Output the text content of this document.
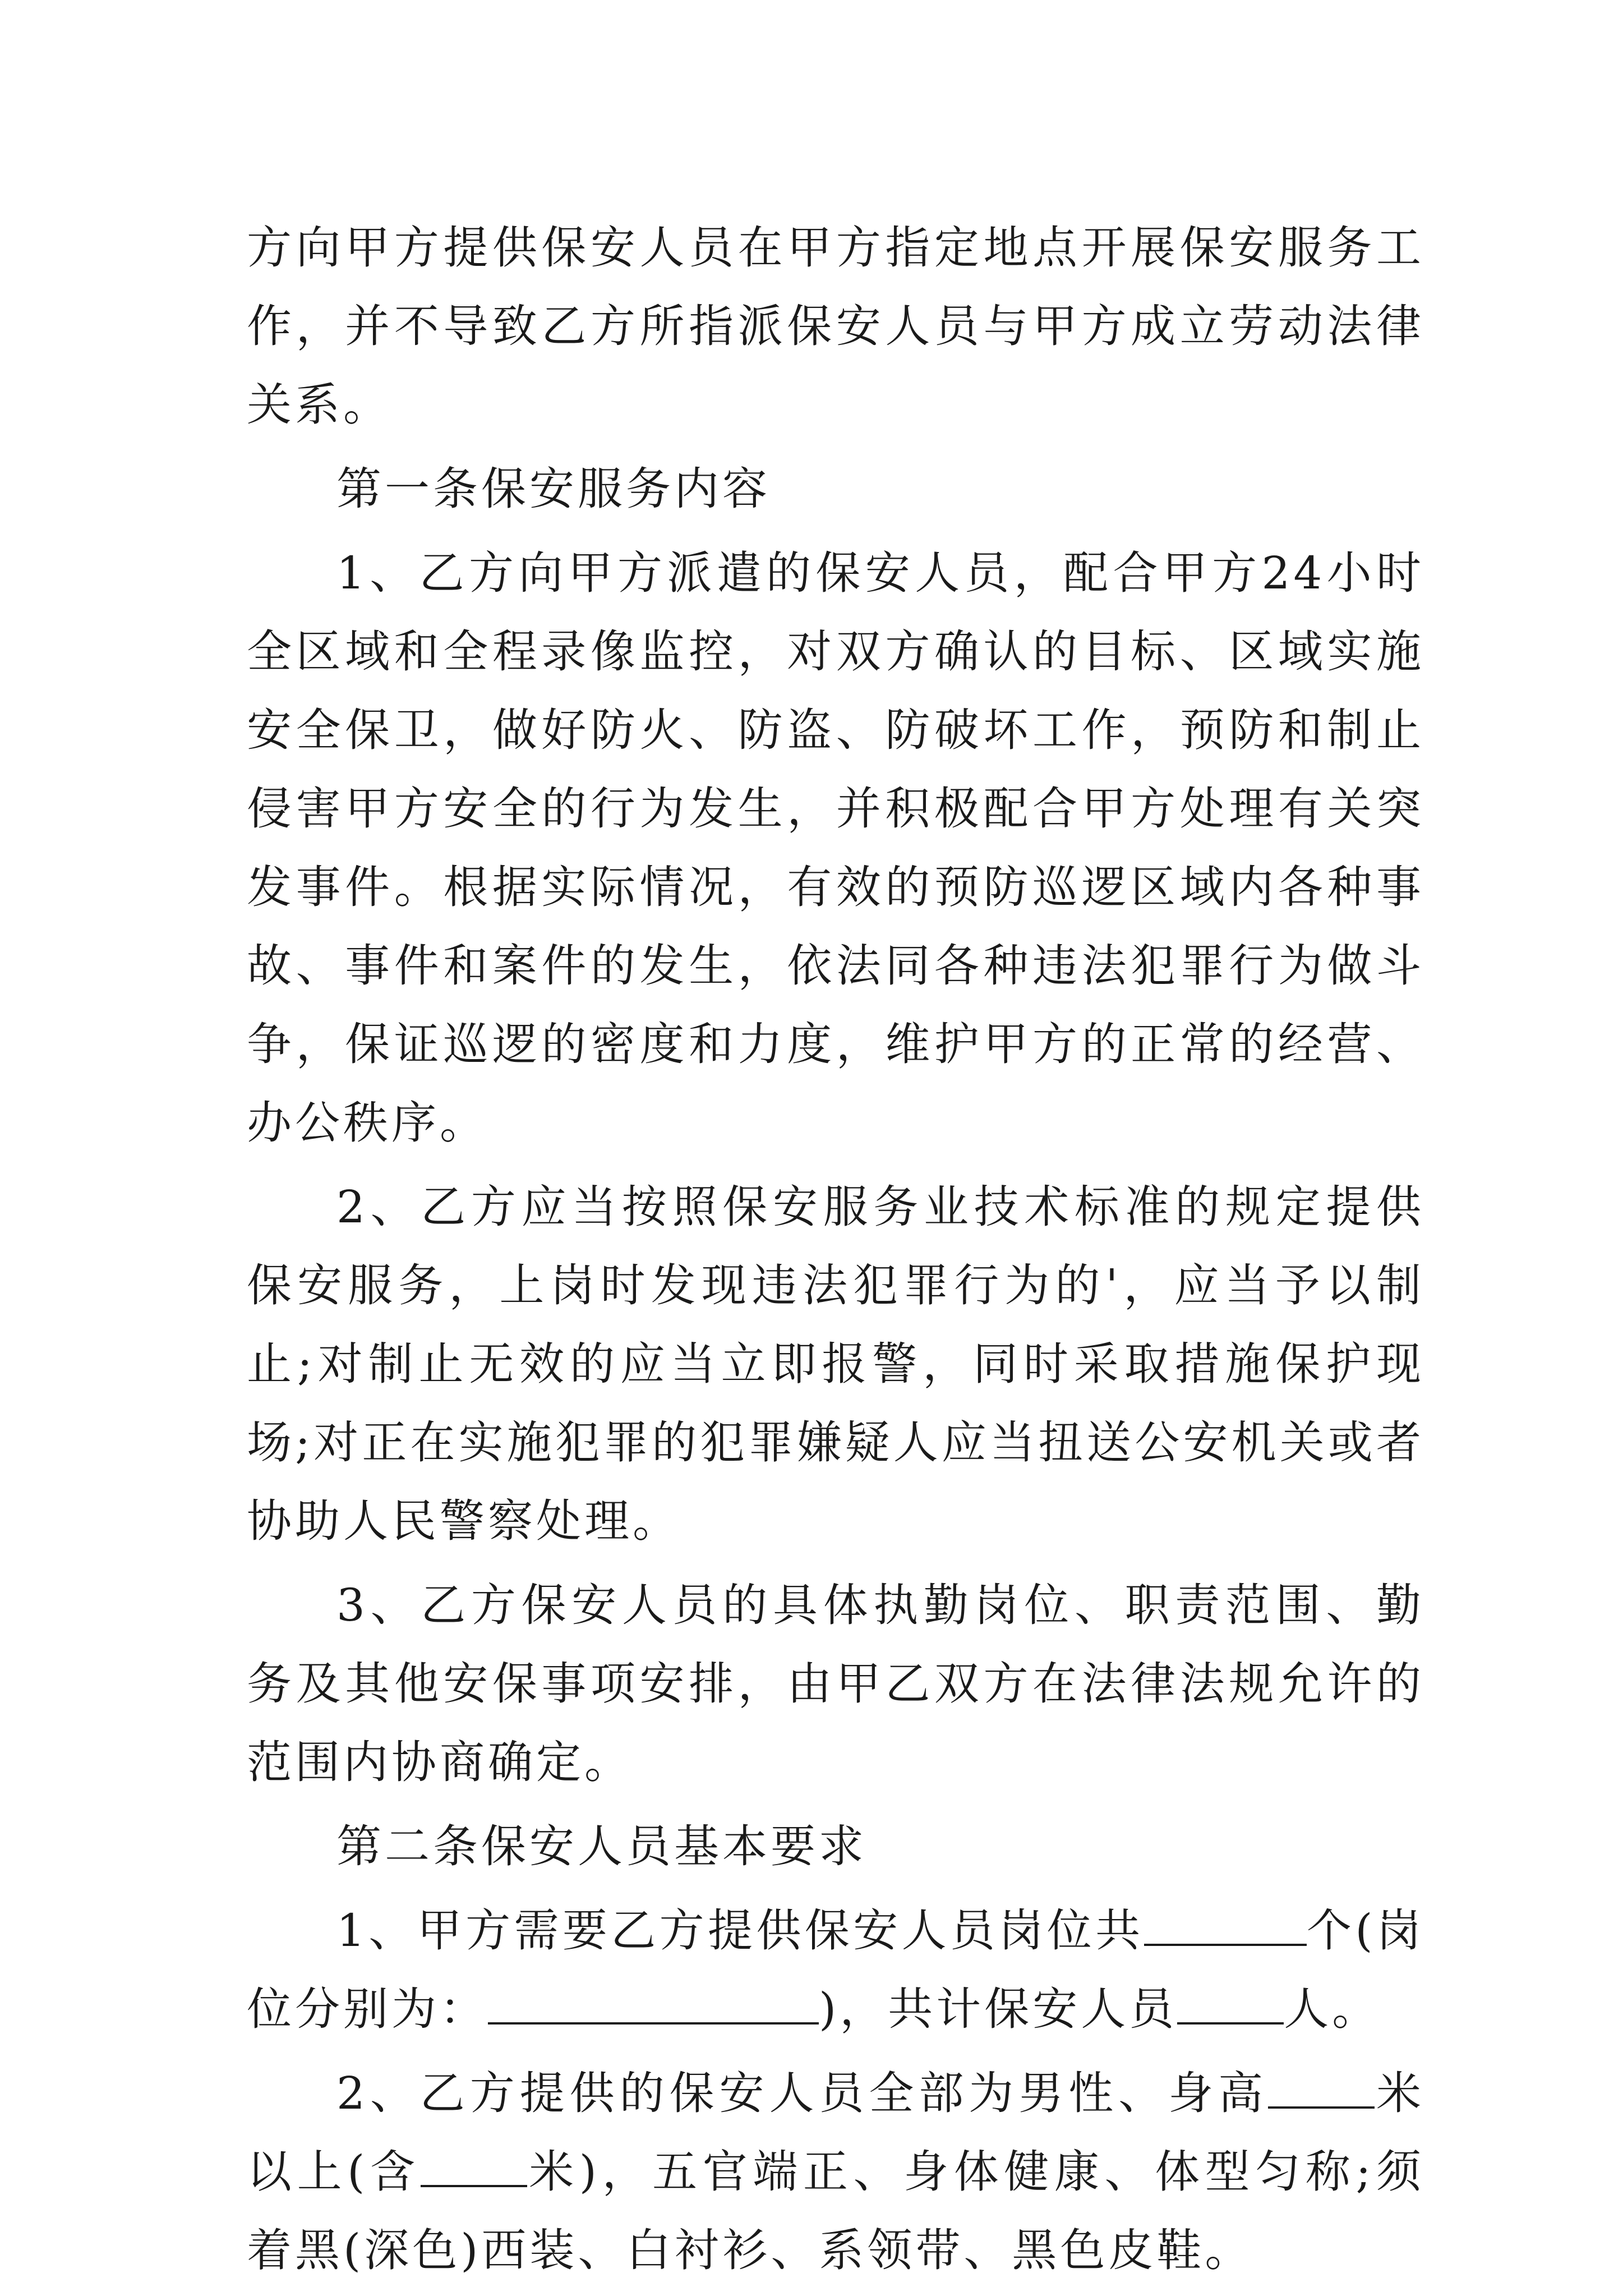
方向甲方提供保安人员在甲方指定地点开展保安服务工作，并不导致乙方所指派保安人员与甲方成立劳动法律关系。

第一条保安服务内容

1、乙方向甲方派遣的保安人员，配合甲方24小时全区域和全程录像监控，对双方确认的目标、区域实施安全保卫，做好防火、防盗、防破坏工作，预防和制止侵害甲方安全的行为发生，并积极配合甲方处理有关突发事件。根据实际情况，有效的预防巡逻区域内各种事故、事件和案件的发生，依法同各种违法犯罪行为做斗争，保证巡逻的密度和力度，维护甲方的正常的经营、办公秩序。

2、乙方应当按照保安服务业技术标准的规定提供保安服务，上岗时发现违法犯罪行为的'，应当予以制止;对制止无效的应当立即报警，同时采取措施保护现场;对正在实施犯罪的犯罪嫌疑人应当扭送公安机关或者协助人民警察处理。

3、乙方保安人员的具体执勤岗位、职责范围、勤务及其他安保事项安排，由甲乙双方在法律法规允许的范围内协商确定。

第二条保安人员基本要求

1、甲方需要乙方提供保安人员岗位共	个(岗位分别为：	)，共计保安人员 人。

2、乙方提供的保安人员全部为男性、身高 米以上(含 米)，五官端正、身体健康、体型匀称;须着黑(深色)西装、白衬衫、系领带、黑色皮鞋。
